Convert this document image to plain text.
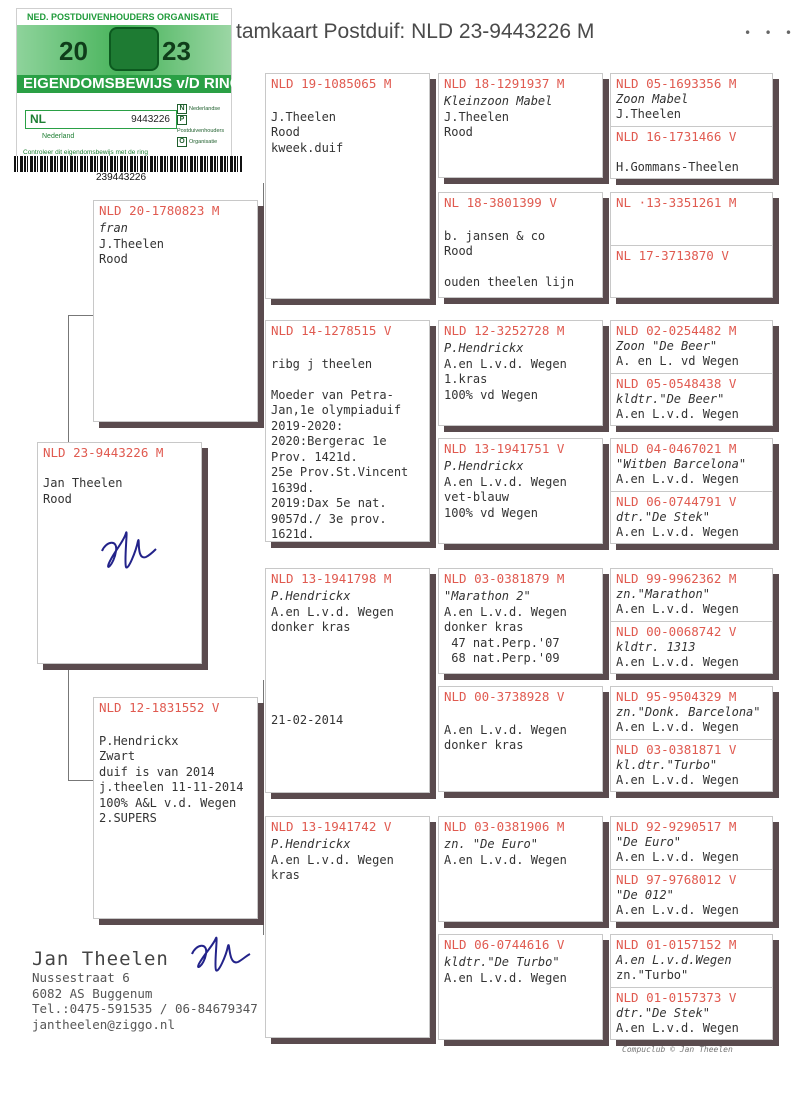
tamkaart Postduif: NLD 23-9443226 M	• • •
NED. POSTDUIVENHOUDERS ORGANISATIE
20	23
EIGENDOMSBEWIJS v/D RING
NL	9443226
N Nederlandse
PPostduivenhouders
O Organisatie
Nederland
Controleer dit eigendomsbewijs met de ring
239443226
NLD 23-9443226 M
Jan Theelen
Rood
NLD 20-1780823 M
fran
J.Theelen
Rood
NLD 12-1831552 V
P.Hendrickx
Zwart
duif is van 2014
j.theelen 11-11-2014
100% A&L v.d. Wegen
2.SUPERS
NLD 19-1085065 M
J.Theelen
Rood
kweek.duif
NLD 14-1278515 V
ribg j theelen
Moeder van Petra-
Jan,1e olympiaduif
2019-2020:
2020:Bergerac 1e
Prov. 1421d.
25e Prov.St.Vincent
1639d.
2019:Dax 5e nat.
9057d./ 3e prov.
1621d.
NLD 13-1941798 M
P.Hendrickx
A.en L.v.d. Wegen
donker kras
21-02-2014
NLD 13-1941742 V
P.Hendrickx
A.en L.v.d. Wegen
kras
NLD 18-1291937 M
Kleinzoon Mabel
J.Theelen
Rood
NL 18-3801399 V
b. jansen & co
Rood
ouden theelen lijn
NLD 12-3252728 M
P.Hendrickx
A.en L.v.d. Wegen
1.kras
100% vd Wegen
NLD 13-1941751 V
P.Hendrickx
A.en L.v.d. Wegen
vet-blauw
100% vd Wegen
NLD 03-0381879 M
"Marathon 2"
A.en L.v.d. Wegen
donker kras
47 nat.Perp.'07
68 nat.Perp.'09
NLD 00-3738928 V
A.en L.v.d. Wegen
donker kras
NLD 03-0381906 M
zn. "De Euro"
A.en L.v.d. Wegen
NLD 06-0744616 V
kldtr."De Turbo"
A.en L.v.d. Wegen
NLD 05-1693356 M
Zoon Mabel
J.Theelen
NLD 16-1731466 V
H.Gommans-Theelen
NL ·13-3351261 M
NL 17-3713870 V
NLD 02-0254482 M
Zoon "De Beer"
A. en L. vd Wegen
NLD 05-0548438 V
kldtr."De Beer"
A.en L.v.d. Wegen
NLD 04-0467021 M
"Witben Barcelona"
A.en L.v.d. Wegen
NLD 06-0744791 V
dtr."De Stek"
A.en L.v.d. Wegen
NLD 99-9962362 M
zn."Marathon"
A.en L.v.d. Wegen
NLD 00-0068742 V
kldtr. 1313
A.en L.v.d. Wegen
NLD 95-9504329 M
zn."Donk. Barcelona"
A.en L.v.d. Wegen
NLD 03-0381871 V
kl.dtr."Turbo"
A.en L.v.d. Wegen
NLD 92-9290517 M
"De Euro"
A.en L.v.d. Wegen
NLD 97-9768012 V
"De 012"
A.en L.v.d. Wegen
NLD 01-0157152 M
A.en L.v.d.Wegen
zn."Turbo"
NLD 01-0157373 V
dtr."De Stek"
A.en L.v.d. Wegen
Jan Theelen
Nussestraat 6
6082 AS Buggenum
Tel.:0475-591535 / 06-84679347
jantheelen@ziggo.nl
Compuclub © Jan Theelen
